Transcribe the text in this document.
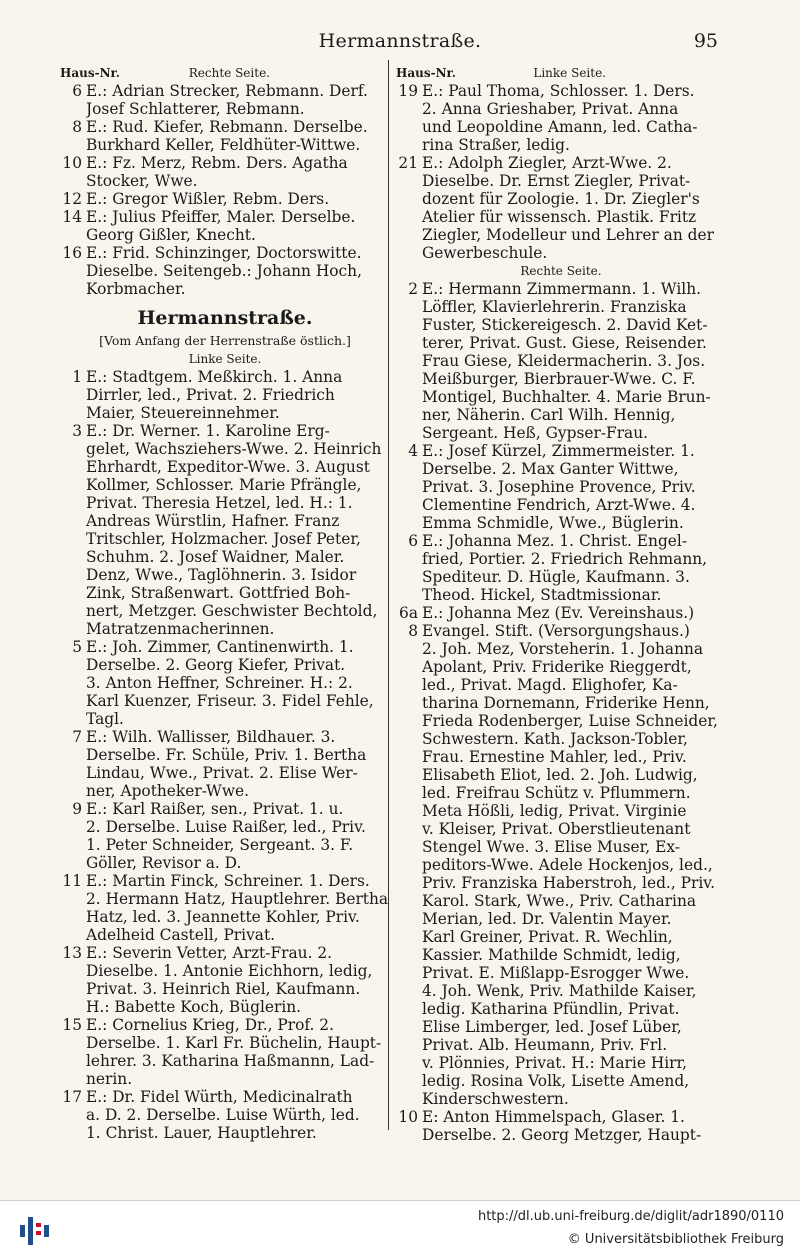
Hermannstraße.	95
Haus-Nr.	Rechte Seite.
6 E.: Adrian Strecker, Rebmann. Derf.
Josef Schlatterer, Rebmann.
8 E.: Rud. Kiefer, Rebmann. Derselbe.
Burkhard Keller, Feldhüter-Wittwe.
10 E.: Fz. Merz, Rebm. Ders. Agatha
Stocker, Wwe.
12 E.: Gregor Wißler, Rebm. Ders.
14 E.: Julius Pfeiffer, Maler. Derselbe.
Georg Gißler, Knecht.
16 E.: Frid. Schinzinger, Doctorswitte.
Dieselbe. Seitengeb.: Johann Hoch,
Korbmacher.
Hermannstraße.
[Vom Anfang der Herrenstraße östlich.]
Linke Seite.
1 E.: Stadtgem. Meßkirch. 1. Anna
Dirrler, led., Privat. 2. Friedrich
Maier, Steuereinnehmer.
3 E.: Dr. Werner. 1. Karoline Erg-
gelet, Wachsziehers-Wwe. 2. Heinrich
Ehrhardt, Expeditor-Wwe. 3. August
Kollmer, Schlosser. Marie Pfrängle,
Privat. Theresia Hetzel, led. H.: 1.
Andreas Würstlin, Hafner. Franz
Tritschler, Holzmacher. Josef Peter,
Schuhm. 2. Josef Waidner, Maler.
Denz, Wwe., Taglöhnerin. 3. Isidor
Zink, Straßenwart. Gottfried Boh-
nert, Metzger. Geschwister Bechtold,
Matratzenmacherinnen.
5 E.: Joh. Zimmer, Cantinenwirth. 1.
Derselbe. 2. Georg Kiefer, Privat.
3. Anton Heffner, Schreiner. H.: 2.
Karl Kuenzer, Friseur. 3. Fidel Fehle,
Tagl.
7 E.: Wilh. Wallisser, Bildhauer. 3.
Derselbe. Fr. Schüle, Priv. 1. Bertha
Lindau, Wwe., Privat. 2. Elise Wer-
ner, Apotheker-Wwe.
9 E.: Karl Raißer, sen., Privat. 1. u.
2. Derselbe. Luise Raißer, led., Priv.
1. Peter Schneider, Sergeant. 3. F.
Göller, Revisor a. D.
11 E.: Martin Finck, Schreiner. 1. Ders.
2. Hermann Hatz, Hauptlehrer. Bertha
Hatz, led. 3. Jeannette Kohler, Priv.
Adelheid Castell, Privat.
13 E.: Severin Vetter, Arzt-Frau. 2.
Dieselbe. 1. Antonie Eichhorn, ledig,
Privat. 3. Heinrich Riel, Kaufmann.
H.: Babette Koch, Büglerin.
15 E.: Cornelius Krieg, Dr., Prof. 2.
Derselbe. 1. Karl Fr. Büchelin, Haupt-
lehrer. 3. Katharina Haßmannn, Lad-
nerin.
17 E.: Dr. Fidel Würth, Medicinalrath
a. D. 2. Derselbe. Luise Würth, led.
1. Christ. Lauer, Hauptlehrer.
Haus-Nr.	Linke Seite.
19 E.: Paul Thoma, Schlosser. 1. Ders.
2. Anna Grieshaber, Privat. Anna
und Leopoldine Amann, led. Catha-
rina Straßer, ledig.
21 E.: Adolph Ziegler, Arzt-Wwe. 2.
Dieselbe. Dr. Ernst Ziegler, Privat-
dozent für Zoologie. 1. Dr. Ziegler's
Atelier für wissensch. Plastik. Fritz
Ziegler, Modelleur und Lehrer an der
Gewerbeschule.
Rechte Seite.
2 E.: Hermann Zimmermann. 1. Wilh.
Löffler, Klavierlehrerin. Franziska
Fuster, Stickereigesch. 2. David Ket-
terer, Privat. Gust. Giese, Reisender.
Frau Giese, Kleidermacherin. 3. Jos.
Meißburger, Bierbrauer-Wwe. C. F.
Montigel, Buchhalter. 4. Marie Brun-
ner, Näherin. Carl Wilh. Hennig,
Sergeant. Heß, Gypser-Frau.
4 E.: Josef Kürzel, Zimmermeister. 1.
Derselbe. 2. Max Ganter Wittwe,
Privat. 3. Josephine Provence, Priv.
Clementine Fendrich, Arzt-Wwe. 4.
Emma Schmidle, Wwe., Büglerin.
6 E.: Johanna Mez. 1. Christ. Engel-
fried, Portier. 2. Friedrich Rehmann,
Spediteur. D. Hügle, Kaufmann. 3.
Theod. Hickel, Stadtmissionar.
6a E.: Johanna Mez (Ev. Vereinshaus.)
8 Evangel. Stift. (Versorgungshaus.)
2. Joh. Mez, Vorsteherin. 1. Johanna
Apolant, Priv. Friderike Rieggerdt,
led., Privat. Magd. Elighofer, Ka-
tharina Dornemann, Friderike Henn,
Frieda Rodenberger, Luise Schneider,
Schwestern. Kath. Jackson-Tobler,
Frau. Ernestine Mahler, led., Priv.
Elisabeth Eliot, led. 2. Joh. Ludwig,
led. Freifrau Schütz v. Pflummern.
Meta Hößli, ledig, Privat. Virginie
v. Kleiser, Privat. Oberstlieutenant
Stengel Wwe. 3. Elise Muser, Ex-
peditors-Wwe. Adele Hockenjos, led.,
Priv. Franziska Haberstroh, led., Priv.
Karol. Stark, Wwe., Priv. Catharina
Merian, led. Dr. Valentin Mayer.
Karl Greiner, Privat. R. Wechlin,
Kassier. Mathilde Schmidt, ledig,
Privat. E. Mißlapp-Esrogger Wwe.
4. Joh. Wenk, Priv. Mathilde Kaiser,
ledig. Katharina Pfündlin, Privat.
Elise Limberger, led. Josef Lüber,
Privat. Alb. Heumann, Priv. Frl.
v. Plönnies, Privat. H.: Marie Hirr,
ledig. Rosina Volk, Lisette Amend,
Kinderschwestern.
10 E: Anton Himmelspach, Glaser. 1.
Derselbe. 2. Georg Metzger, Haupt-
http://dl.ub.uni-freiburg.de/diglit/adr1890/0110
© Universitätsbibliothek Freiburg
